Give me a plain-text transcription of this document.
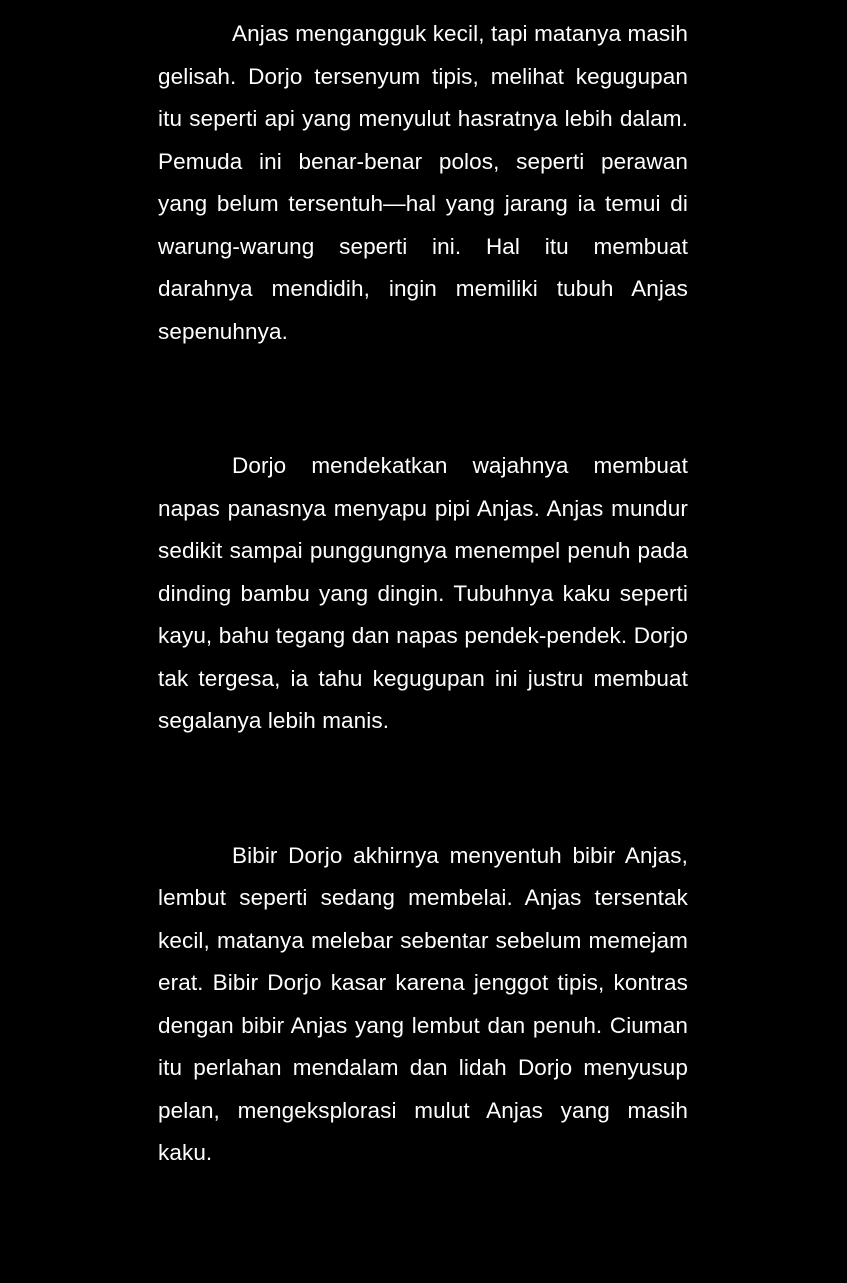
Anjas mengangguk kecil, tapi matanya masih gelisah. Dorjo tersenyum tipis, melihat kegugupan itu seperti api yang menyulut hasratnya lebih dalam. Pemuda ini benar-benar polos, seperti perawan yang belum tersentuh—hal yang jarang ia temui di warung-warung seperti ini. Hal itu membuat darahnya mendidih, ingin memiliki tubuh Anjas sepenuhnya.

Dorjo mendekatkan wajahnya membuat napas panasnya menyapu pipi Anjas. Anjas mundur sedikit sampai punggungnya menempel penuh pada dinding bambu yang dingin. Tubuhnya kaku seperti kayu, bahu tegang dan napas pendek-pendek. Dorjo tak tergesa, ia tahu kegugupan ini justru membuat segalanya lebih manis.

Bibir Dorjo akhirnya menyentuh bibir Anjas, lembut seperti sedang membelai. Anjas tersentak kecil, matanya melebar sebentar sebelum memejam erat. Bibir Dorjo kasar karena jenggot tipis, kontras dengan bibir Anjas yang lembut dan penuh. Ciuman itu perlahan mendalam dan lidah Dorjo menyusup pelan, mengeksplorasi mulut Anjas yang masih kaku.
